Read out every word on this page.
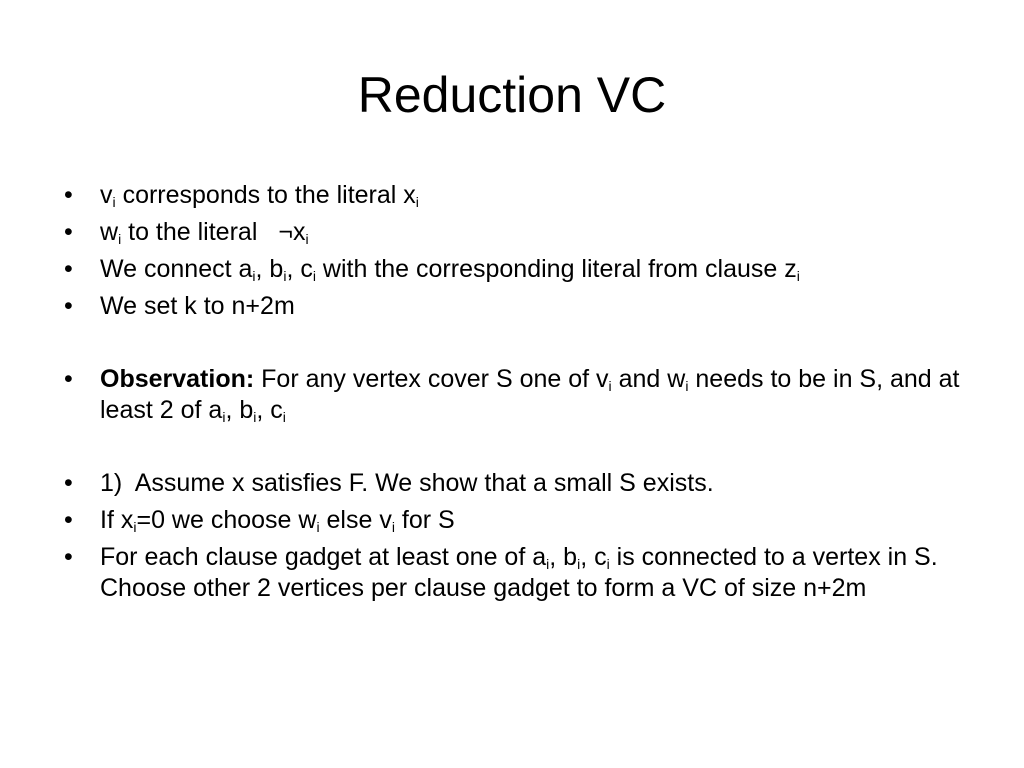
Reduction VC
•	$v_i$ corresponds to the literal $x_i$
•	$w_i$ to the literal $\neg x_i$
•	We connect $a_i$, $b_i$, $c_i$ with the corresponding literal from clause $z_i$
•	We set k to n+2m
•	Observation: For any vertex cover S one of $v_i$ and $w_i$ needs to be in S, and at least 2 of $a_i$, $b_i$, $c_i$
•	1)  Assume x satisfies F. We show that a small S exists.
•	If $x_i=0$ we choose $w_i$ else $v_i$ for S
•	For each clause gadget at least one of $a_i$, $b_i$, $c_i$ is connected to a vertex in S. Choose other 2 vertices per clause gadget to form a VC of size n+2m
